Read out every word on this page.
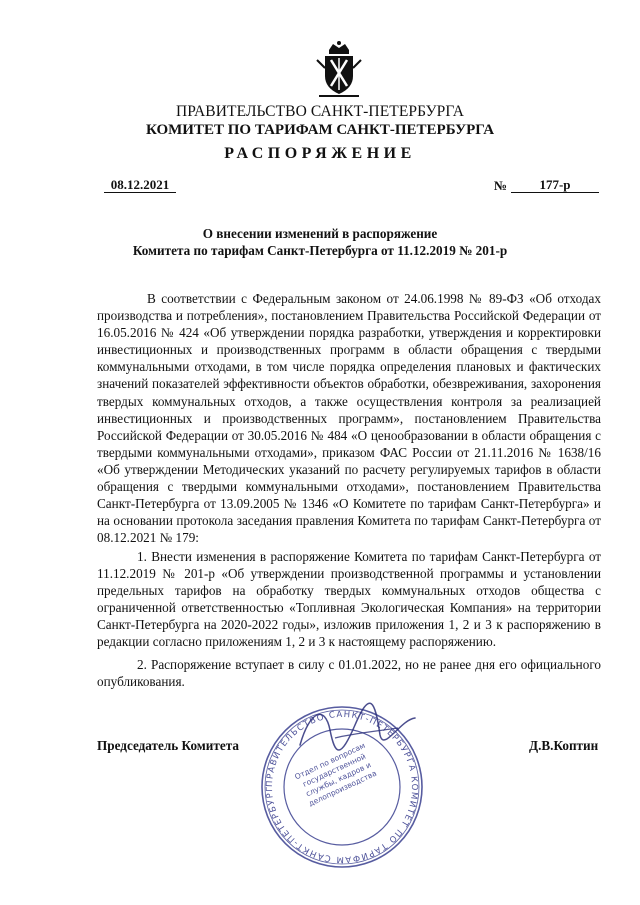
ПРАВИТЕЛЬСТВО САНКТ-ПЕТЕРБУРГА
КОМИТЕТ ПО ТАРИФАМ САНКТ-ПЕТЕРБУРГА
РАСПОРЯЖЕНИЕ
08.12.2021	№	177-р
О внесении изменений в распоряжение
Комитета по тарифам Санкт-Петербурга от 11.12.2019 № 201-р

В соответствии с Федеральным законом от 24.06.1998 № 89-ФЗ «Об отходах производства и потребления», постановлением Правительства Российской Федерации от 16.05.2016 № 424 «Об утверждении порядка разработки, утверждения и корректировки инвестиционных и производственных программ в области обращения с твердыми коммунальными отходами, в том числе порядка определения плановых и фактических значений показателей эффективности объектов обработки, обезвреживания, захоронения твердых коммунальных отходов, а также осуществления контроля за реализацией инвестиционных и производственных программ», постановлением Правительства Российской Федерации от 30.05.2016 № 484 «О ценообразовании в области обращения с твердыми коммунальными отходами», приказом ФАС России от 21.11.2016 № 1638/16 «Об утверждении Методических указаний по расчету регулируемых тарифов в области обращения с твердыми коммунальными отходами», постановлением Правительства Санкт-Петербурга от 13.09.2005 № 1346 «О Комитете по тарифам Санкт-Петербурга» и на основании протокола заседания правления Комитета по тарифам Санкт-Петербурга от 08.12.2021 № 179:

1. Внести изменения в распоряжение Комитета по тарифам Санкт-Петербурга от 11.12.2019 № 201-р «Об утверждении производственной программы и установлении предельных тарифов на обработку твердых коммунальных отходов общества с ограниченной ответственностью «Топливная Экологическая Компания» на территории Санкт-Петербурга на 2020-2022 годы», изложив приложения 1, 2 и 3 к распоряжению в редакции согласно приложениям 1, 2 и 3 к настоящему распоряжению.

2. Распоряжение вступает в силу с 01.01.2022, но не ранее дня его официального опубликования.

ПРАВИТЕЛЬСТВО САНКТ-ПЕТЕРБУРГА КОМИТЕТ ПО ТАРИФАМ САНКТ-ПЕТЕРБУРГ
Отдел по вопросам государственной службы, кадров и делопроизводства
Председатель Комитета	Д.В.Коптин
